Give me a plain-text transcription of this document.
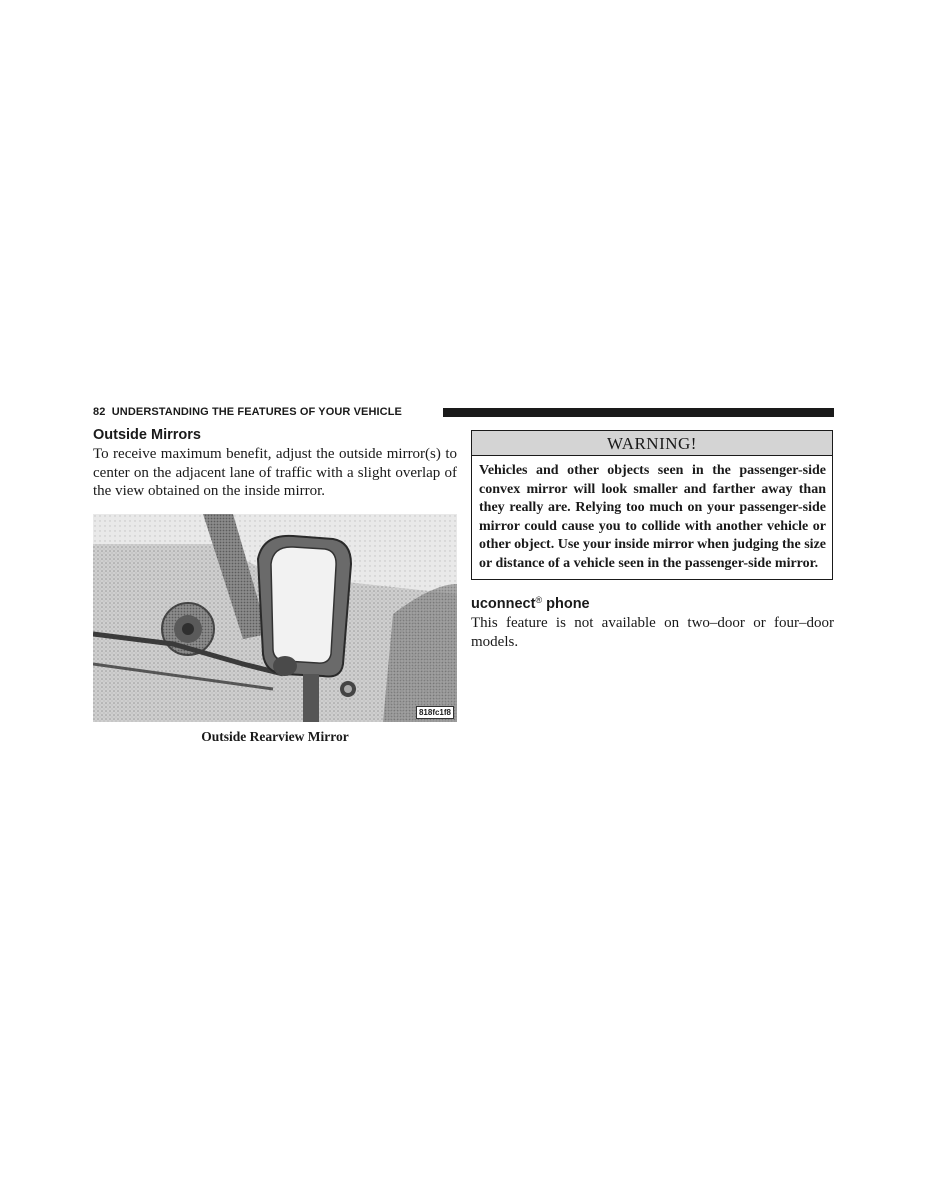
82 UNDERSTANDING THE FEATURES OF YOUR VEHICLE
Outside Mirrors

To receive maximum benefit, adjust the outside mirror(s) to center on the adjacent lane of traffic with a slight overlap of the view obtained on the inside mirror.

818fc1f8
Outside Rearview Mirror
WARNING!
Vehicles and other objects seen in the passenger-side convex mirror will look smaller and farther away than they really are. Relying too much on your passenger-side mirror could cause you to collide with another vehicle or other object. Use your inside mirror when judging the size or distance of a vehicle seen in the passenger-side mirror.
uconnect® phone

This feature is not available on two–door or four–door models.
